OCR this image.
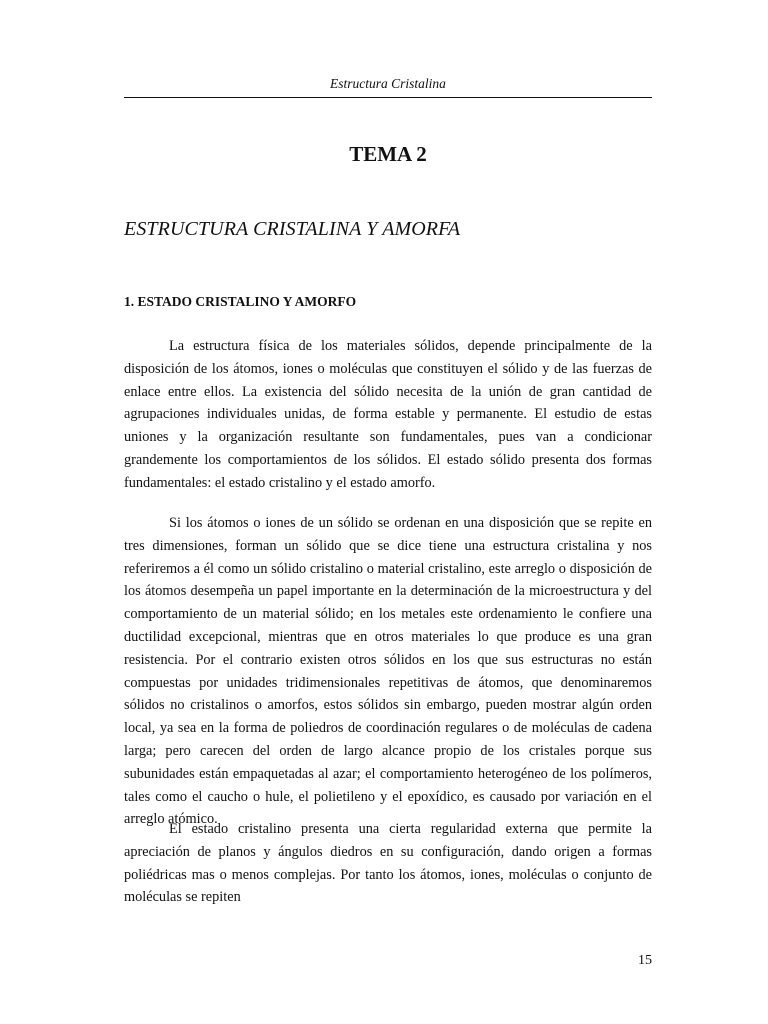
Estructura Cristalina
TEMA 2
ESTRUCTURA CRISTALINA Y AMORFA
1. ESTADO CRISTALINO Y AMORFO

La estructura física de los materiales sólidos, depende principalmente de la disposición de los átomos, iones o moléculas que constituyen el sólido y de las fuerzas de enlace entre ellos. La existencia del sólido necesita de la unión de gran cantidad de agrupaciones individuales unidas, de forma estable y permanente. El estudio de estas uniones y la organización resultante son fundamentales, pues van a condicionar grandemente los comportamientos de los sólidos. El estado sólido presenta dos formas fundamentales: el estado cristalino y el estado amorfo.

Si los átomos o iones de un sólido se ordenan en una disposición que se repite en tres dimensiones, forman un sólido que se dice tiene una estructura cristalina y nos referiremos a él como un sólido cristalino o material cristalino, este arreglo o disposición de los átomos desempeña un papel importante en la determinación de la microestructura y del comportamiento de un material sólido; en los metales este ordenamiento le confiere una ductilidad excepcional, mientras que en otros materiales lo que produce es una gran resistencia. Por el contrario existen otros sólidos en los que sus estructuras no están compuestas por unidades tridimensionales repetitivas de átomos, que denominaremos sólidos no cristalinos o amorfos, estos sólidos sin embargo, pueden mostrar algún orden local, ya sea en la forma de poliedros de coordinación regulares o de moléculas de cadena larga; pero carecen del orden de largo alcance propio de los cristales porque sus subunidades están empaquetadas al azar; el comportamiento heterogéneo de los polímeros, tales como el caucho o hule, el polietileno y el epoxídico, es causado por variación en el arreglo atómico.

El estado cristalino presenta una cierta regularidad externa que permite la apreciación de planos y ángulos diedros en su configuración, dando origen a formas poliédricas mas o menos complejas. Por tanto los átomos, iones, moléculas o conjunto de moléculas se repiten

15
